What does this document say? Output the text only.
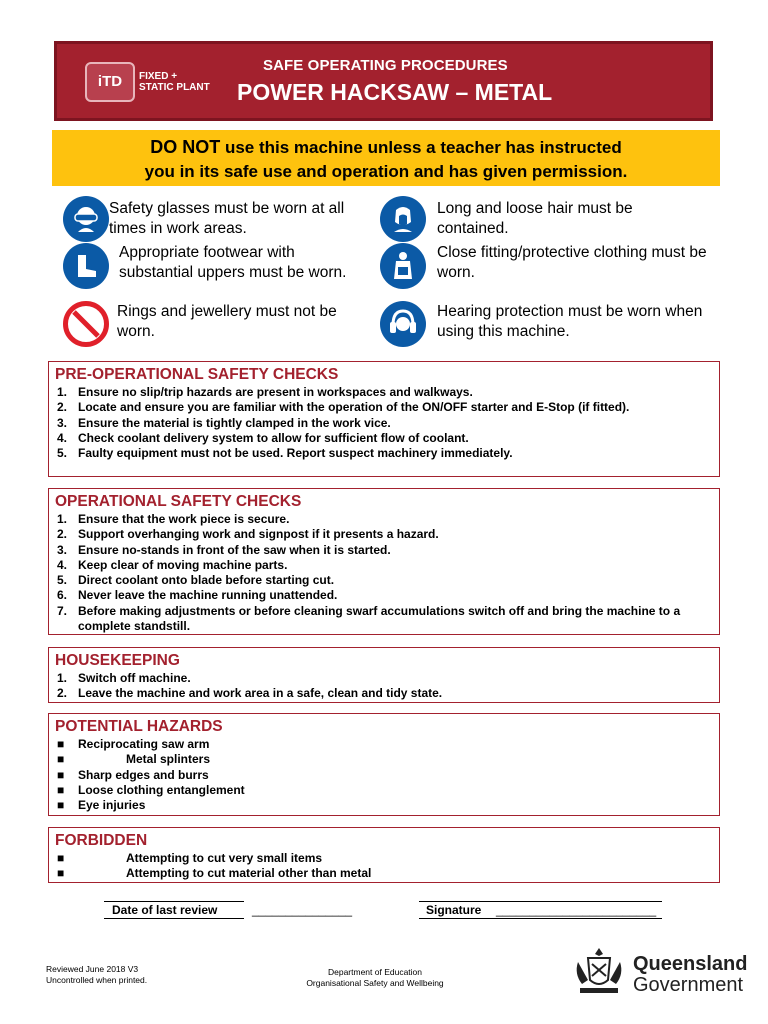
iTD	FIXED +
STATIC PLANT
SAFE OPERATING PROCEDURES
POWER HACKSAW – METAL
DO NOT use this machine unless a teacher has instructed
you in its safe use and operation and has given permission.
Safety glasses must be worn at all times in work areas.
Long and loose hair must be contained.
Appropriate footwear with substantial uppers must be worn.
Close fitting/protective clothing must be worn.
Rings and jewellery must not be worn.
Hearing protection must be worn when using this machine.
PRE-OPERATIONAL SAFETY CHECKS
1. Ensure no slip/trip hazards are present in workspaces and walkways.
2. Locate and ensure you are familiar with the operation of the ON/OFF starter and E-Stop (if fitted).
3. Ensure the material is tightly clamped in the work vice.
4. Check coolant delivery system to allow for sufficient flow of coolant.
5. Faulty equipment must not be used. Report suspect machinery immediately.
OPERATIONAL SAFETY CHECKS
1. Ensure that the work piece is secure.
2. Support overhanging work and signpost if it presents a hazard.
3. Ensure no-stands in front of the saw when it is started.
4. Keep clear of moving machine parts.
5. Direct coolant onto blade before starting cut.
6. Never leave the machine running unattended.
7. Before making adjustments or before cleaning swarf accumulations switch off and bring the machine to a complete standstill.
HOUSEKEEPING
1. Switch off machine.
2. Leave the machine and work area in a safe, clean and tidy state.
POTENTIAL HAZARDS
■ Reciprocating saw arm
■	Metal splinters
■ Sharp edges and burrs
■ Loose clothing entanglement
■ Eye injuries
FORBIDDEN
■	Attempting to cut very small items
■	Attempting to cut material other than metal
Date of last review	_______________	Signature ________________________
Reviewed June 2018 V3
Uncontrolled when printed.
Department of Education
Organisational Safety and Wellbeing
Queensland
Government
